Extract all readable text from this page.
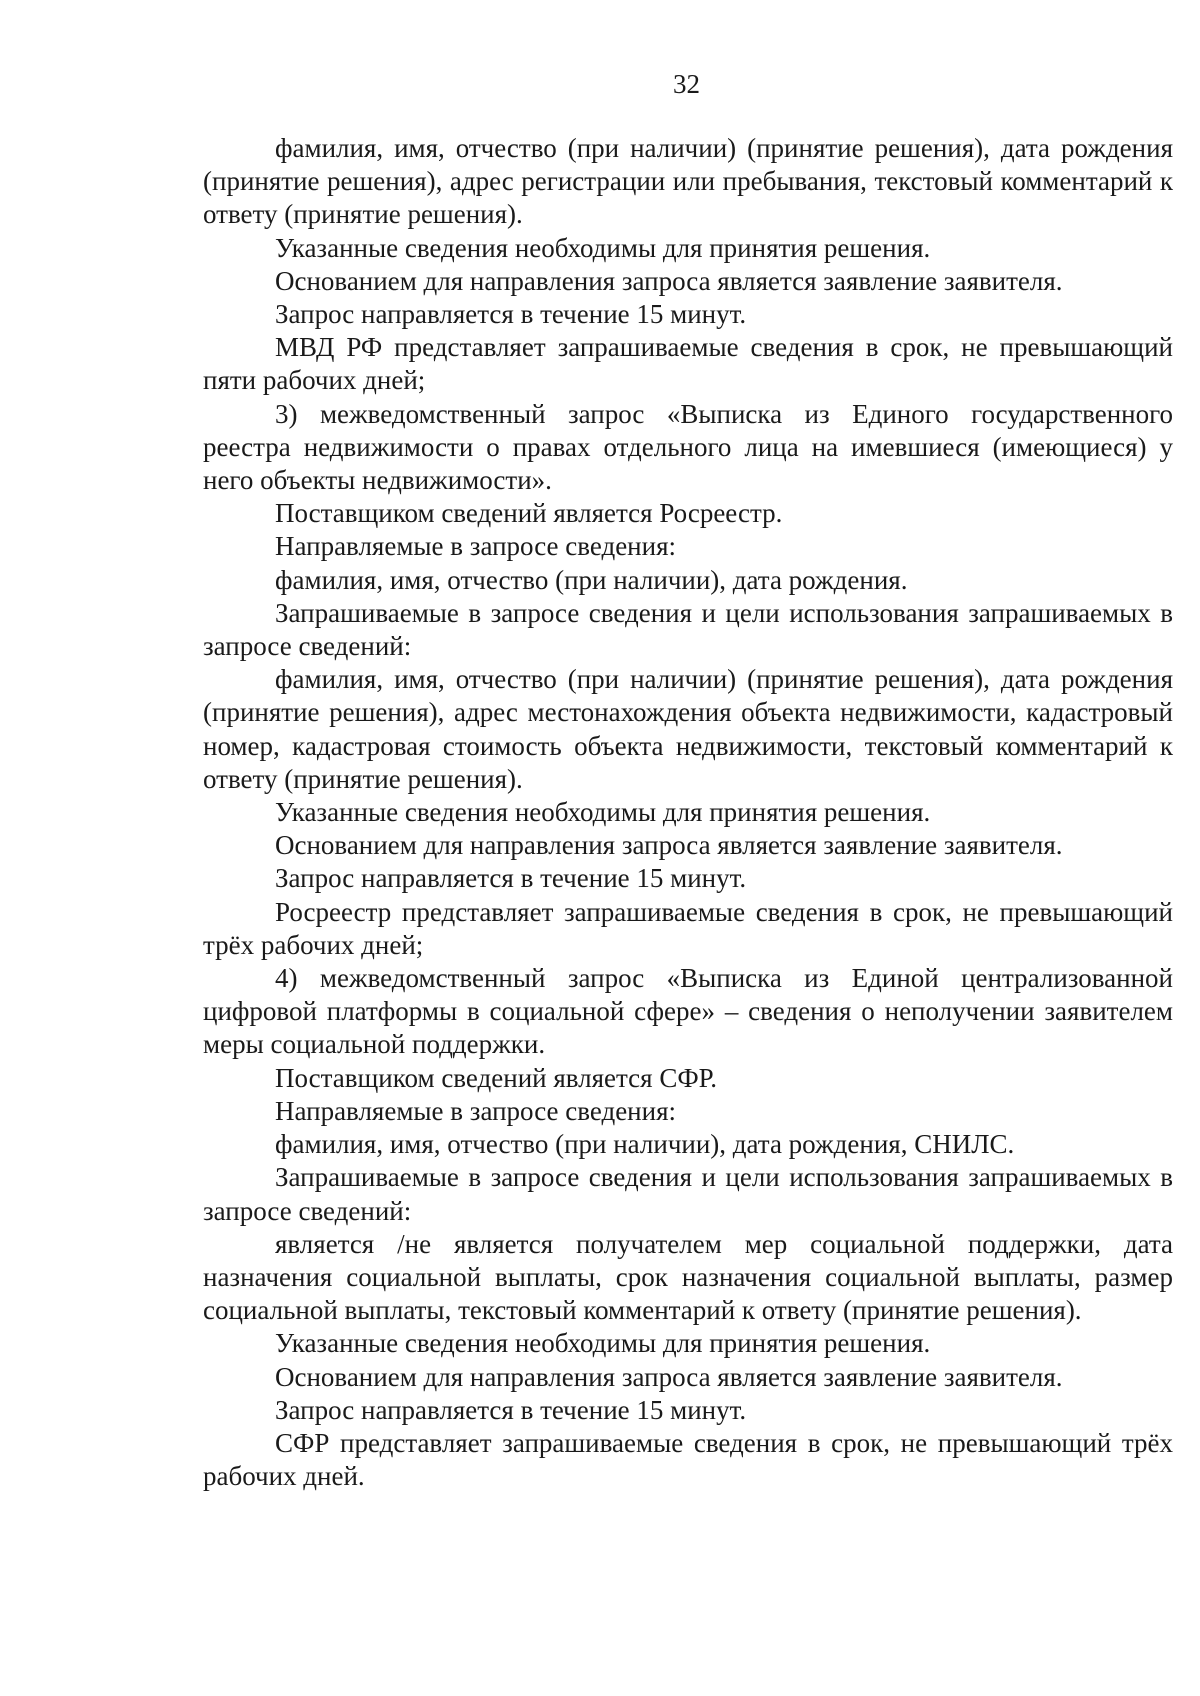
32

фамилия, имя, отчество (при наличии) (принятие решения), дата рождения (принятие решения), адрес регистрации или пребывания, текстовый комментарий к ответу (принятие решения).

Указанные сведения необходимы для принятия решения.

Основанием для направления запроса является заявление заявителя.

Запрос направляется в течение 15 минут.

МВД РФ представляет запрашиваемые сведения в срок, не превышающий пяти рабочих дней;

3) межведомственный запрос «Выписка из Единого государственного реестра недвижимости о правах отдельного лица на имевшиеся (имеющиеся) у него объекты недвижимости».

Поставщиком сведений является Росреестр.

Направляемые в запросе сведения:

фамилия, имя, отчество (при наличии), дата рождения.

Запрашиваемые в запросе сведения и цели использования запрашиваемых в запросе сведений:

фамилия, имя, отчество (при наличии) (принятие решения), дата рождения (принятие решения), адрес местонахождения объекта недвижимости, кадастровый номер, кадастровая стоимость объекта недвижимости, текстовый комментарий к ответу (принятие решения).

Указанные сведения необходимы для принятия решения.

Основанием для направления запроса является заявление заявителя.

Запрос направляется в течение 15 минут.

Росреестр представляет запрашиваемые сведения в срок, не превышающий трёх рабочих дней;

4) межведомственный запрос «Выписка из Единой централизованной цифровой платформы в социальной сфере» – сведения о неполучении заявителем меры социальной поддержки.

Поставщиком сведений является СФР.

Направляемые в запросе сведения:

фамилия, имя, отчество (при наличии), дата рождения, СНИЛС.

Запрашиваемые в запросе сведения и цели использования запрашиваемых в запросе сведений:

является /не является получателем мер социальной поддержки, дата назначения социальной выплаты, срок назначения социальной выплаты, размер социальной выплаты, текстовый комментарий к ответу (принятие решения).

Указанные сведения необходимы для принятия решения.

Основанием для направления запроса является заявление заявителя.

Запрос направляется в течение 15 минут.

СФР представляет запрашиваемые сведения в срок, не превышающий трёх рабочих дней.
